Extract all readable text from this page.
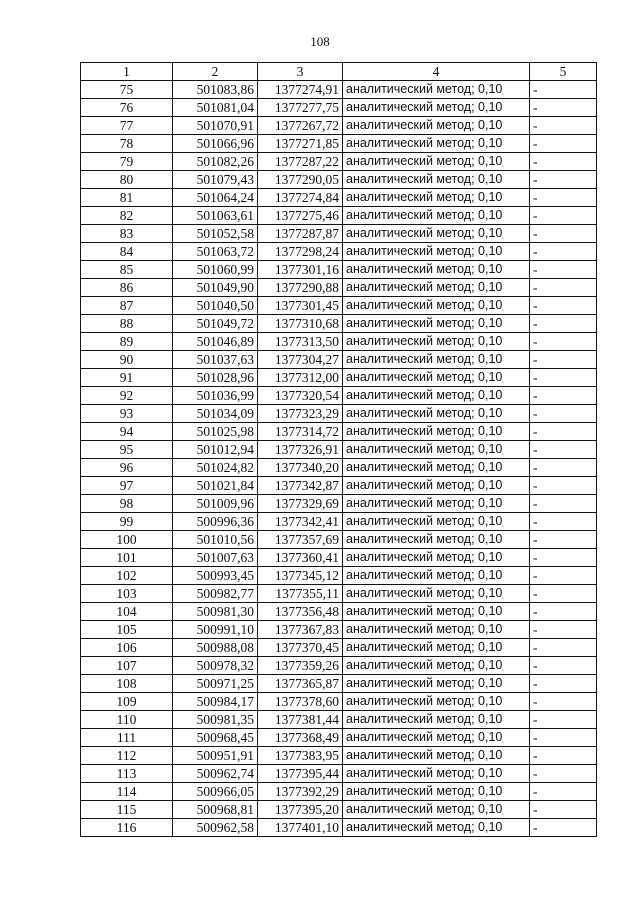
108
1	2	3	4	5
75	501083,86	1377274,91	аналитический метод; 0,10	-
76	501081,04	1377277,75	аналитический метод; 0,10	-
77	501070,91	1377267,72	аналитический метод; 0,10	-
78	501066,96	1377271,85	аналитический метод; 0,10	-
79	501082,26	1377287,22	аналитический метод; 0,10	-
80	501079,43	1377290,05	аналитический метод; 0,10	-
81	501064,24	1377274,84	аналитический метод; 0,10	-
82	501063,61	1377275,46	аналитический метод; 0,10	-
83	501052,58	1377287,87	аналитический метод; 0,10	-
84	501063,72	1377298,24	аналитический метод; 0,10	-
85	501060,99	1377301,16	аналитический метод; 0,10	-
86	501049,90	1377290,88	аналитический метод; 0,10	-
87	501040,50	1377301,45	аналитический метод; 0,10	-
88	501049,72	1377310,68	аналитический метод; 0,10	-
89	501046,89	1377313,50	аналитический метод; 0,10	-
90	501037,63	1377304,27	аналитический метод; 0,10	-
91	501028,96	1377312,00	аналитический метод; 0,10	-
92	501036,99	1377320,54	аналитический метод; 0,10	-
93	501034,09	1377323,29	аналитический метод; 0,10	-
94	501025,98	1377314,72	аналитический метод; 0,10	-
95	501012,94	1377326,91	аналитический метод; 0,10	-
96	501024,82	1377340,20	аналитический метод; 0,10	-
97	501021,84	1377342,87	аналитический метод; 0,10	-
98	501009,96	1377329,69	аналитический метод; 0,10	-
99	500996,36	1377342,41	аналитический метод; 0,10	-
100	501010,56	1377357,69	аналитический метод; 0,10	-
101	501007,63	1377360,41	аналитический метод; 0,10	-
102	500993,45	1377345,12	аналитический метод; 0,10	-
103	500982,77	1377355,11	аналитический метод; 0,10	-
104	500981,30	1377356,48	аналитический метод; 0,10	-
105	500991,10	1377367,83	аналитический метод; 0,10	-
106	500988,08	1377370,45	аналитический метод; 0,10	-
107	500978,32	1377359,26	аналитический метод; 0,10	-
108	500971,25	1377365,87	аналитический метод; 0,10	-
109	500984,17	1377378,60	аналитический метод; 0,10	-
110	500981,35	1377381,44	аналитический метод; 0,10	-
111	500968,45	1377368,49	аналитический метод; 0,10	-
112	500951,91	1377383,95	аналитический метод; 0,10	-
113	500962,74	1377395,44	аналитический метод; 0,10	-
114	500966,05	1377392,29	аналитический метод; 0,10	-
115	500968,81	1377395,20	аналитический метод; 0,10	-
116	500962,58	1377401,10	аналитический метод; 0,10	-
